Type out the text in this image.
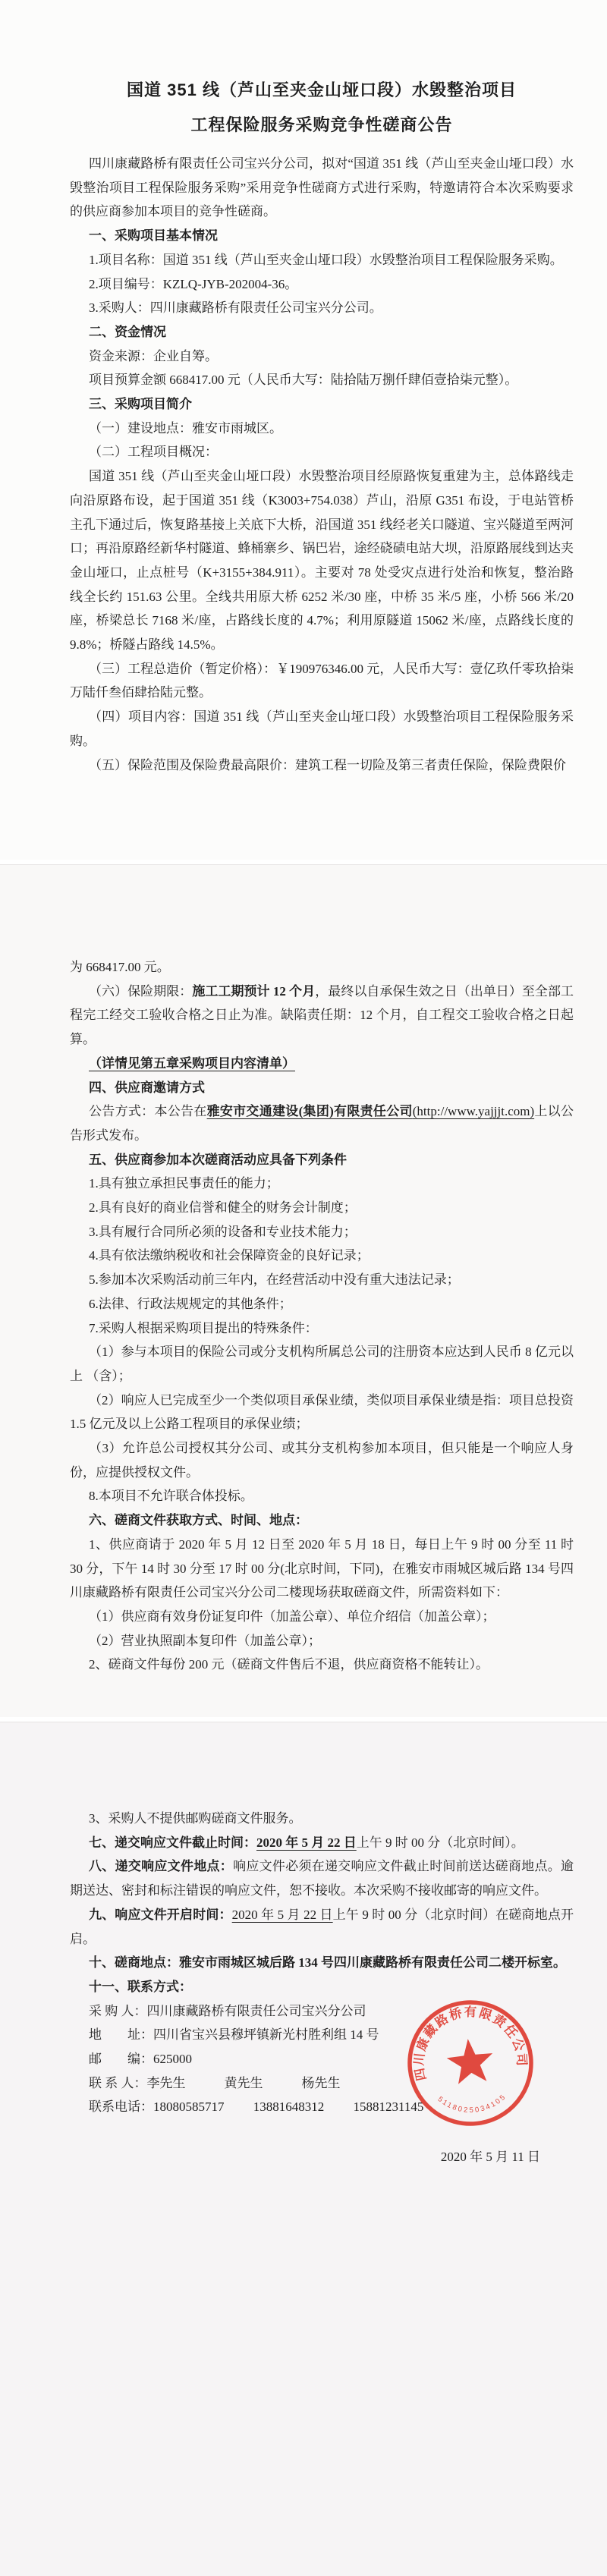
国道 351 线（芦山至夹金山垭口段）水毁整治项目
工程保险服务采购竞争性磋商公告
四川康藏路桥有限责任公司宝兴分公司，拟对“国道 351 线（芦山至夹金山垭口段）水毁整治项目工程保险服务采购”采用竞争性磋商方式进行采购，特邀请符合本次采购要求的供应商参加本项目的竞争性磋商。
一、采购项目基本情况
1.项目名称：国道 351 线（芦山至夹金山垭口段）水毁整治项目工程保险服务采购。
2.项目编号：KZLQ-JYB-202004-36。
3.采购人：四川康藏路桥有限责任公司宝兴分公司。
二、资金情况
资金来源：企业自筹。
项目预算金额 668417.00 元（人民币大写：陆拾陆万捌仟肆佰壹拾柒元整）。
三、采购项目简介
（一）建设地点：雅安市雨城区。
（二）工程项目概况：
国道 351 线（芦山至夹金山垭口段）水毁整治项目经原路恢复重建为主，总体路线走向沿原路布设，起于国道 351 线（K3003+754.038）芦山，沿原 G351 布设，于电站管桥主孔下通过后，恢复路基接上关底下大桥，沿国道 351 线经老关口隧道、宝兴隧道至两河口；再沿原路经新华村隧道、蜂桶寨乡、锅巴岩，途经硗碛电站大坝，沿原路展线到达夹金山垭口，止点桩号（K+3155+384.911）。主要对 78 处受灾点进行处治和恢复，整治路线全长约 151.63 公里。全线共用原大桥 6252 米/30 座，中桥 35 米/5 座，小桥 566 米/20 座，桥梁总长 7168 米/座，占路线长度的 4.7%；利用原隧道 15062 米/座，点路线长度的 9.8%；桥隧占路线 14.5%。
（三）工程总造价（暂定价格）：￥190976346.00 元，人民币大写：壹亿玖仟零玖拾柒万陆仟叁佰肆拾陆元整。
（四）项目内容：国道 351 线（芦山至夹金山垭口段）水毁整治项目工程保险服务采购。
（五）保险范围及保险费最高限价：建筑工程一切险及第三者责任保险，保险费限价
为 668417.00 元。
（六）保险期限：施工工期预计 12 个月，最终以自承保生效之日（出单日）至全部工程完工经交工验收合格之日止为准。缺陷责任期：12 个月，自工程交工验收合格之日起算。
（详情见第五章采购项目内容清单）
四、供应商邀请方式
公告方式：本公告在雅安市交通建设(集团)有限责任公司(http://www.yajjjt.com)上以公告形式发布。
五、供应商参加本次磋商活动应具备下列条件
1.具有独立承担民事责任的能力；
2.具有良好的商业信誉和健全的财务会计制度；
3.具有履行合同所必须的设备和专业技术能力；
4.具有依法缴纳税收和社会保障资金的良好记录；
5.参加本次采购活动前三年内，在经营活动中没有重大违法记录；
6.法律、行政法规规定的其他条件；
7.采购人根据采购项目提出的特殊条件：
（1）参与本项目的保险公司或分支机构所属总公司的注册资本应达到人民币 8 亿元以上 （含）；
（2）响应人已完成至少一个类似项目承保业绩，类似项目承保业绩是指：项目总投资 1.5 亿元及以上公路工程项目的承保业绩；
（3）允许总公司授权其分公司、或其分支机构参加本项目，但只能是一个响应人身份，应提供授权文件。
8.本项目不允许联合体投标。
六、磋商文件获取方式、时间、地点：
1、供应商请于 2020 年 5 月 12 日至 2020 年 5 月 18 日，每日上午 9 时 00 分至 11 时 30 分，下午 14 时 30 分至 17 时 00 分(北京时间，下同)，在雅安市雨城区城后路 134 号四川康藏路桥有限责任公司宝兴分公司二楼现场获取磋商文件，所需资料如下：
（1）供应商有效身份证复印件（加盖公章）、单位介绍信（加盖公章）；
（2）营业执照副本复印件（加盖公章）；
2、磋商文件每份 200 元（磋商文件售后不退，供应商资格不能转让）。
3、采购人不提供邮购磋商文件服务。
七、递交响应文件截止时间：2020 年 5 月 22 日上午 9 时 00 分（北京时间）。
八、递交响应文件地点：响应文件必须在递交响应文件截止时间前送达磋商地点。逾期送达、密封和标注错误的响应文件，恕不接收。本次采购不接收邮寄的响应文件。
九、响应文件开启时间：2020 年 5 月 22 日上午 9 时 00 分（北京时间）在磋商地点开启。
十、磋商地点：雅安市雨城区城后路 134 号四川康藏路桥有限责任公司二楼开标室。
十一、联系方式：
采 购 人：四川康藏路桥有限责任公司宝兴分公司
地　　址：四川省宝兴县穆坪镇新光村胜利组 14 号
邮　　编：625000
联 系 人：李先生　　　黄先生　　　杨先生
联系电话：18080585717　　 13881648312　　 15881231145
2020 年 5 月 11 日
四川康藏路桥有限责任公司
5118025034105
